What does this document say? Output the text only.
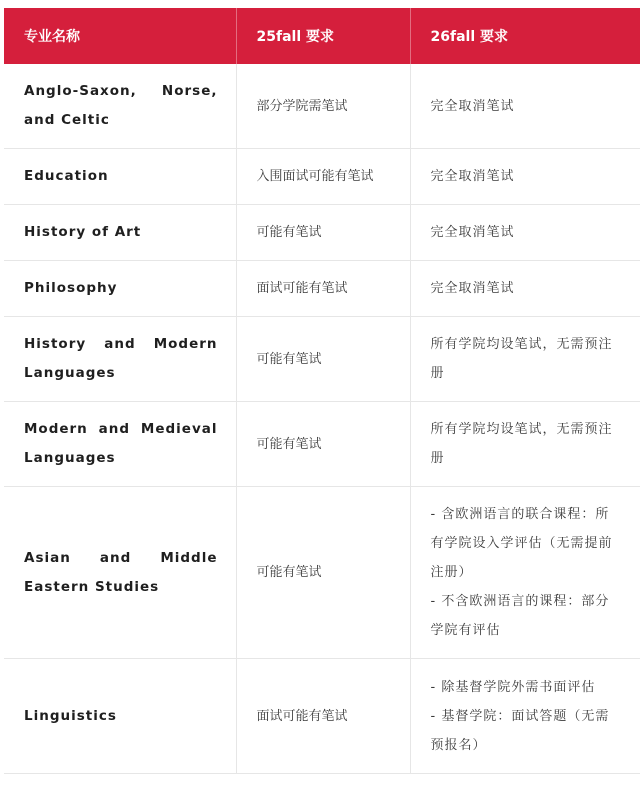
专业名称	25fall 要求	26fall 要求
Anglo-Saxon, Norse, and Celtic	部分学院需笔试	完全取消笔试

Education	入围面试可能有笔试	完全取消笔试

History of Art	可能有笔试	完全取消笔试

Philosophy	面试可能有笔试	完全取消笔试

History and Modern Languages	可能有笔试	所有学院均设笔试，无需预注册

Modern and Medieval Languages	可能有笔试	所有学院均设笔试，无需预注册

Asian and Middle Eastern Studies	可能有笔试	- 含欧洲语言的联合课程：所有学院设入学评估（无需提前注册）
- 不含欧洲语言的课程：部分学院有评估

Linguistics	面试可能有笔试	- 除基督学院外需书面评估
- 基督学院：面试答题（无需预报名）
